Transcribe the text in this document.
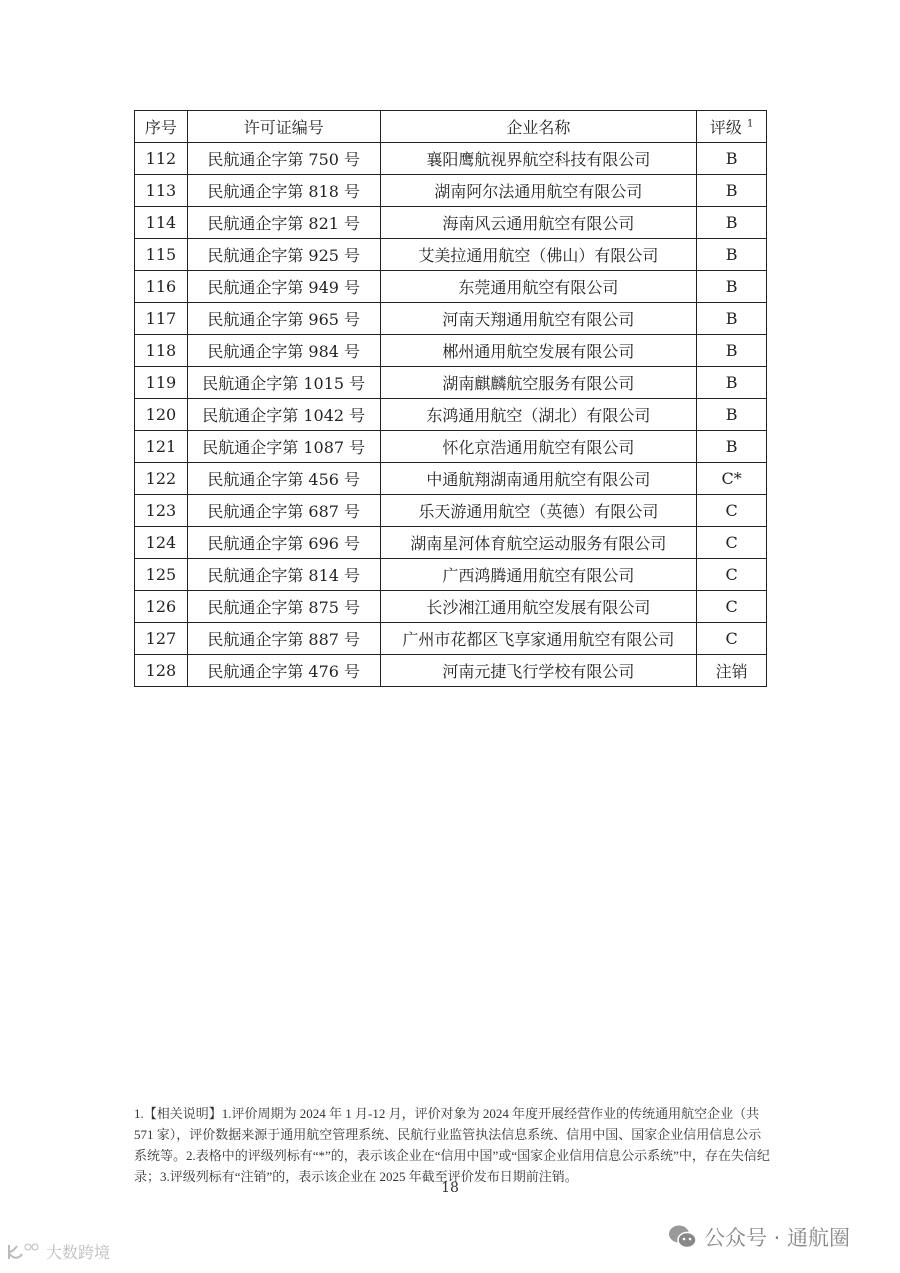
序号	许可证编号	企业名称	评级 $^1$
112	民航通企字第 750 号	襄阳鹰航视界航空科技有限公司	B
113	民航通企字第 818 号	湖南阿尔法通用航空有限公司	B
114	民航通企字第 821 号	海南风云通用航空有限公司	B
115	民航通企字第 925 号	艾美拉通用航空（佛山）有限公司	B
116	民航通企字第 949 号	东莞通用航空有限公司	B
117	民航通企字第 965 号	河南天翔通用航空有限公司	B
118	民航通企字第 984 号	郴州通用航空发展有限公司	B
119	民航通企字第 1015 号	湖南麒麟航空服务有限公司	B
120	民航通企字第 1042 号	东鸿通用航空（湖北）有限公司	B
121	民航通企字第 1087 号	怀化京浩通用航空有限公司	B
122	民航通企字第 456 号	中通航翔湖南通用航空有限公司	C*
123	民航通企字第 687 号	乐天游通用航空（英德）有限公司	C
124	民航通企字第 696 号	湖南星河体育航空运动服务有限公司	C
125	民航通企字第 814 号	广西鸿腾通用航空有限公司	C
126	民航通企字第 875 号	长沙湘江通用航空发展有限公司	C
127	民航通企字第 887 号	广州市花都区飞享家通用航空有限公司	C
128	民航通企字第 476 号	河南元捷飞行学校有限公司	注销
1.【相关说明】1.评价周期为 2024 年 1 月-12 月，评价对象为 2024 年度开展经营作业的传统通用航空企业（共 571 家），评价数据来源于通用航空管理系统、民航行业监管执法信息系统、信用中国、国家企业信用信息公示系统等。2.表格中的评级列标有“*”的，表示该企业在“信用中国”或“国家企业信用信息公示系统”中，存在失信纪录；3.评级列标有“注销”的，表示该企业在 2025 年截至评价发布日期前注销。
18
公众号 · 通航圈
大数跨境
